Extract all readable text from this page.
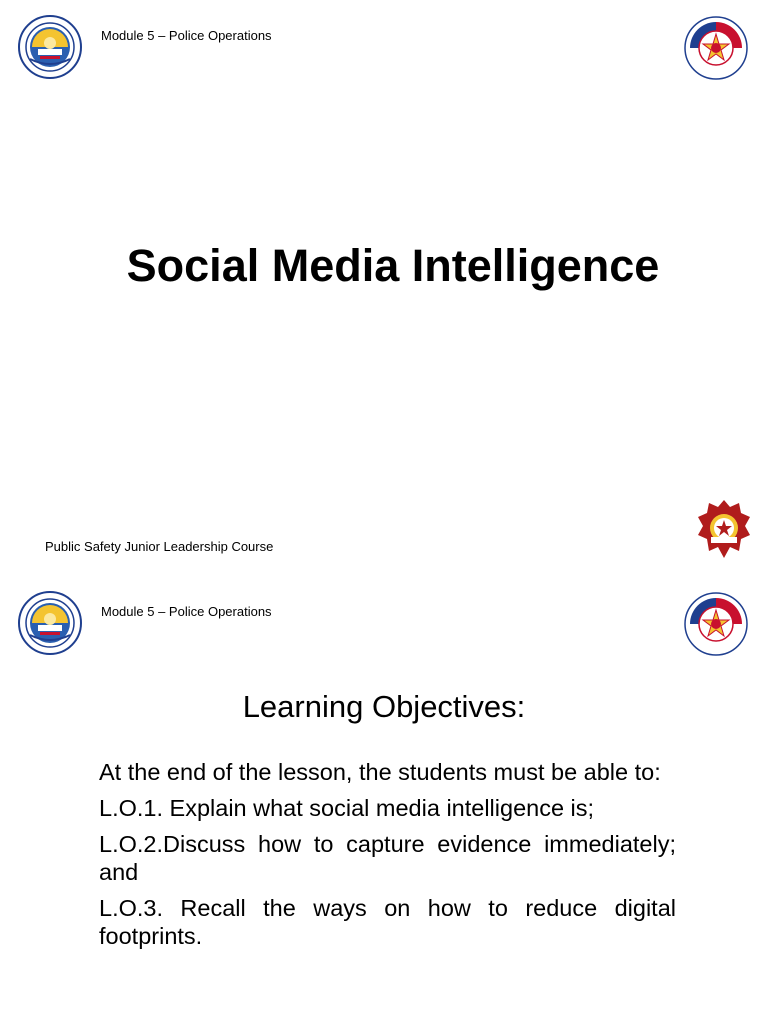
Module 5 – Police Operations
Social Media Intelligence
Public Safety Junior Leadership Course
Module 5 – Police Operations
Learning Objectives:

At the end of the lesson, the students must be able to:

L.O.1. Explain what social media intelligence is;

L.O.2.Discuss how to capture evidence immediately; and

L.O.3. Recall the ways on how to reduce digital footprints.
